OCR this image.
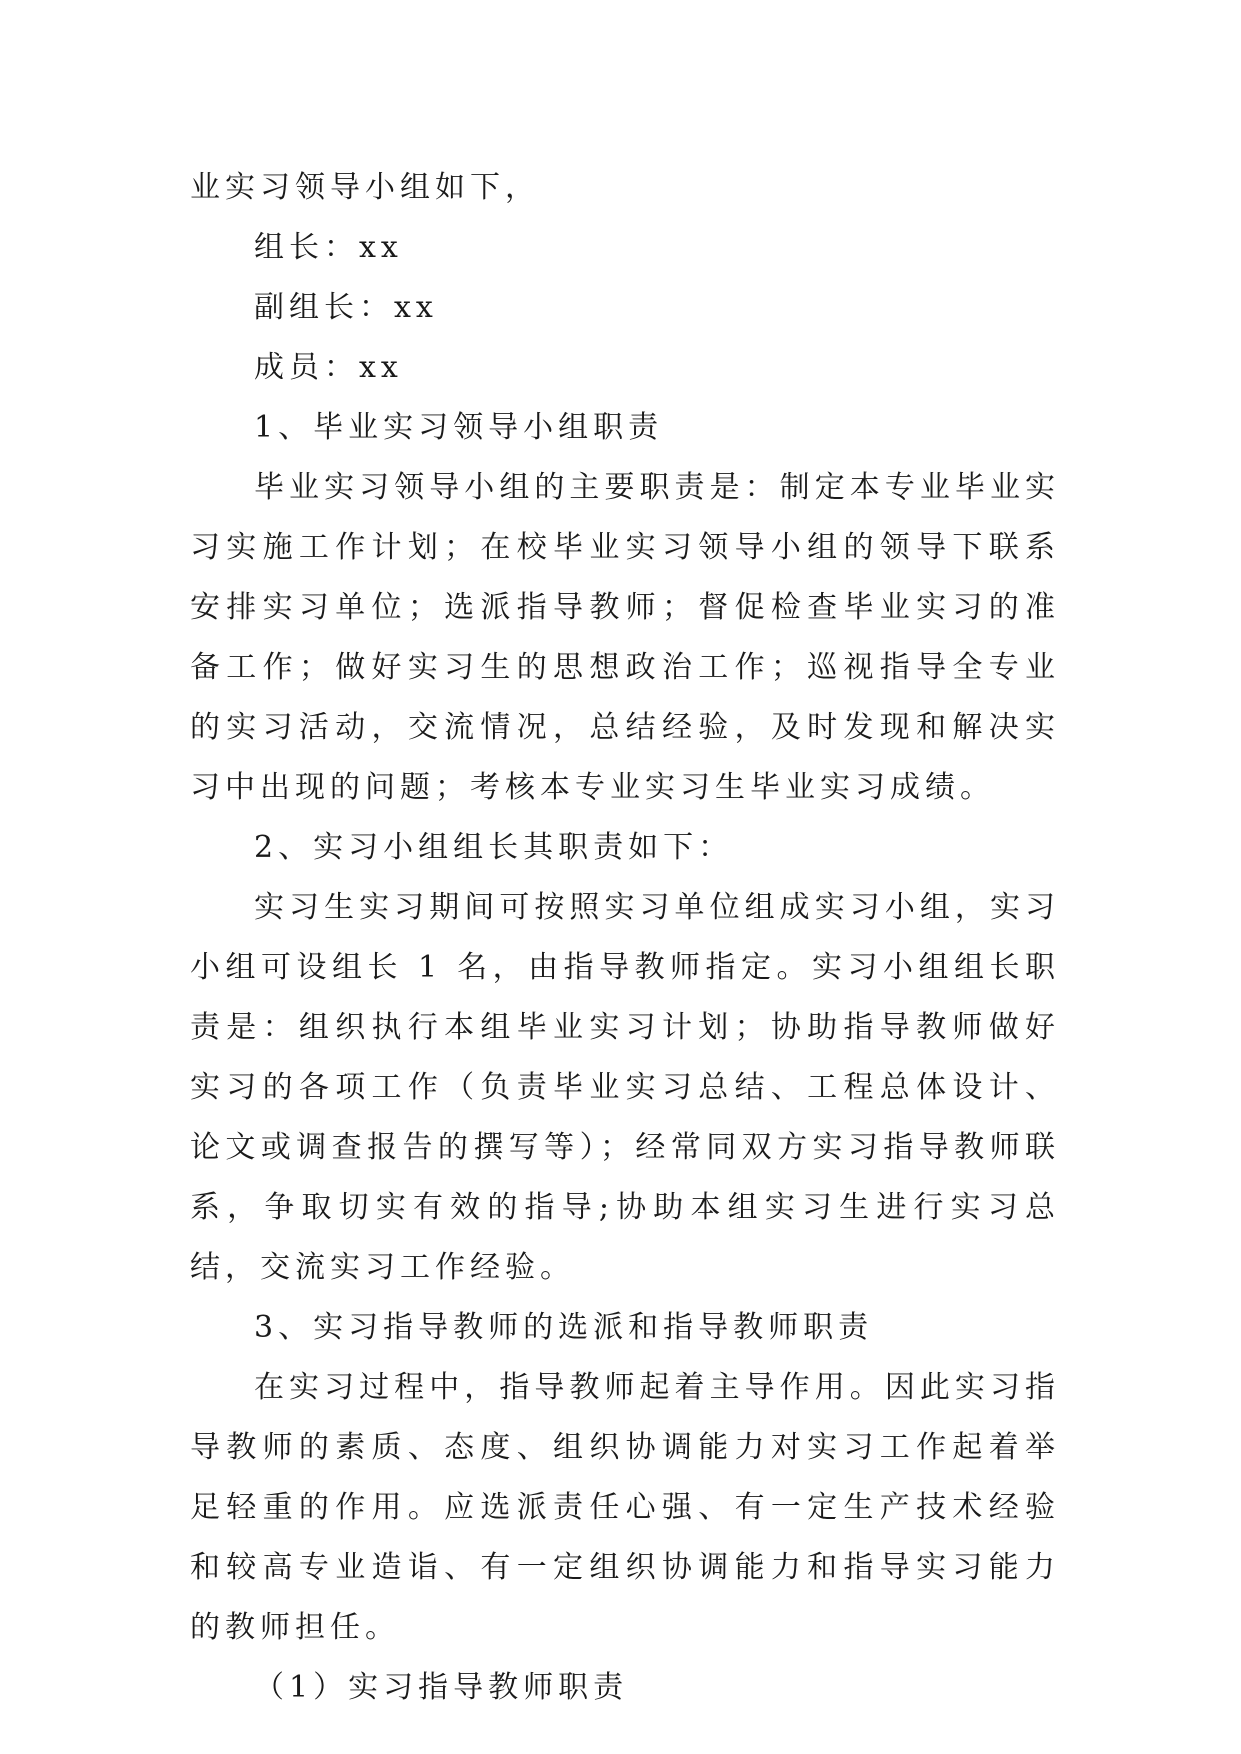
业实习领导小组如下，

组长：xx

副组长：xx

成员：xx

1、毕业实习领导小组职责

毕业实习领导小组的主要职责是：制定本专业毕业实习实施工作计划；在校毕业实习领导小组的领导下联系安排实习单位；选派指导教师；督促检查毕业实习的准备工作；做好实习生的思想政治工作；巡视指导全专业的实习活动，交流情况，总结经验，及时发现和解决实习中出现的问题；考核本专业实习生毕业实习成绩。

2、实习小组组长其职责如下：

实习生实习期间可按照实习单位组成实习小组，实习小组可设组长 1 名，由指导教师指定。实习小组组长职责是：组织执行本组毕业实习计划；协助指导教师做好实习的各项工作（负责毕业实习总结、工程总体设计、论文或调查报告的撰写等）；经常同双方实习指导教师联系，争取切实有效的指导;协助本组实习生进行实习总结，交流实习工作经验。

3、实习指导教师的选派和指导教师职责

在实习过程中，指导教师起着主导作用。因此实习指导教师的素质、态度、组织协调能力对实习工作起着举足轻重的作用。应选派责任心强、有一定生产技术经验和较高专业造诣、有一定组织协调能力和指导实习能力的教师担任。

（1）实习指导教师职责
